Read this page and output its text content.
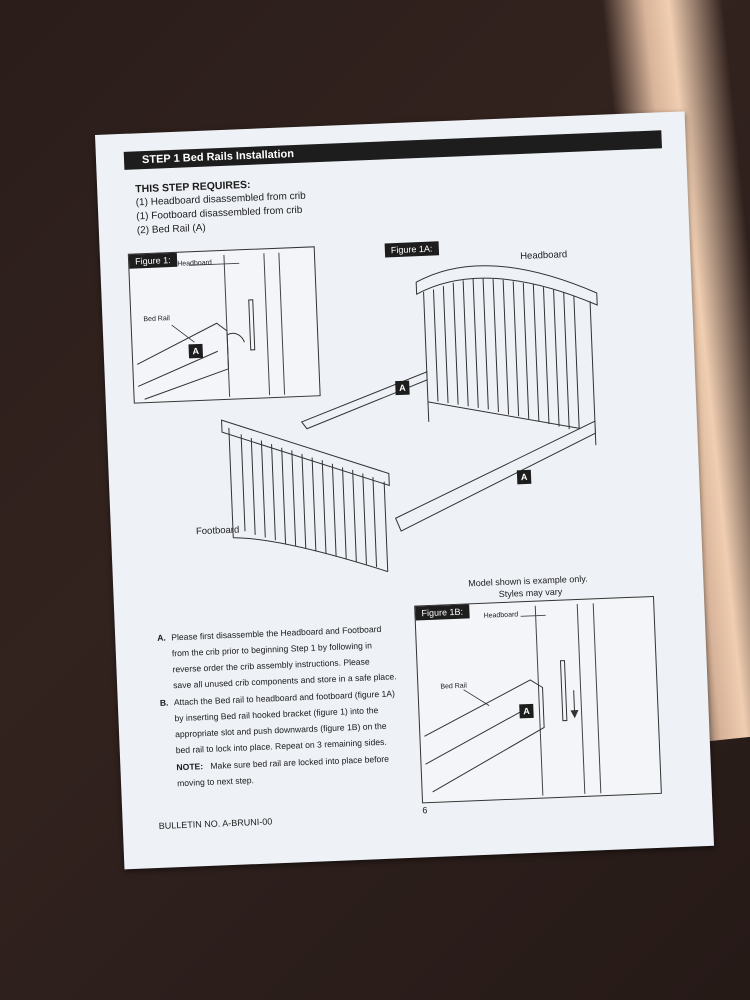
STEP 1 Bed Rails Installation
THIS STEP REQUIRES:
(1) Headboard disassembled from crib
(1) Footboard disassembled from crib
(2) Bed Rail (A)
Figure 1: Headboard
Bed Rail
A
Figure 1A:	Headboard
A
A
Footboard
Model shown is example only.
Styles may vary
Figure 1B:	Headboard
Bed Rail
A
A. Please first disassemble the Headboard and Footboard
from the crib prior to beginning Step 1 by following in
reverse order the crib assembly instructions. Please
save all unused crib components and store in a safe place.
B. Attach the Bed rail to headboard and footboard (figure 1A)
by inserting Bed rail hooked bracket (figure 1) into the
appropriate slot and push downwards (figure 1B) on the
bed rail to lock into place. Repeat on 3 remaining sides.
NOTE: Make sure bed rail are locked into place before
moving to next step.
BULLETIN NO. A-BRUNI-00
6
